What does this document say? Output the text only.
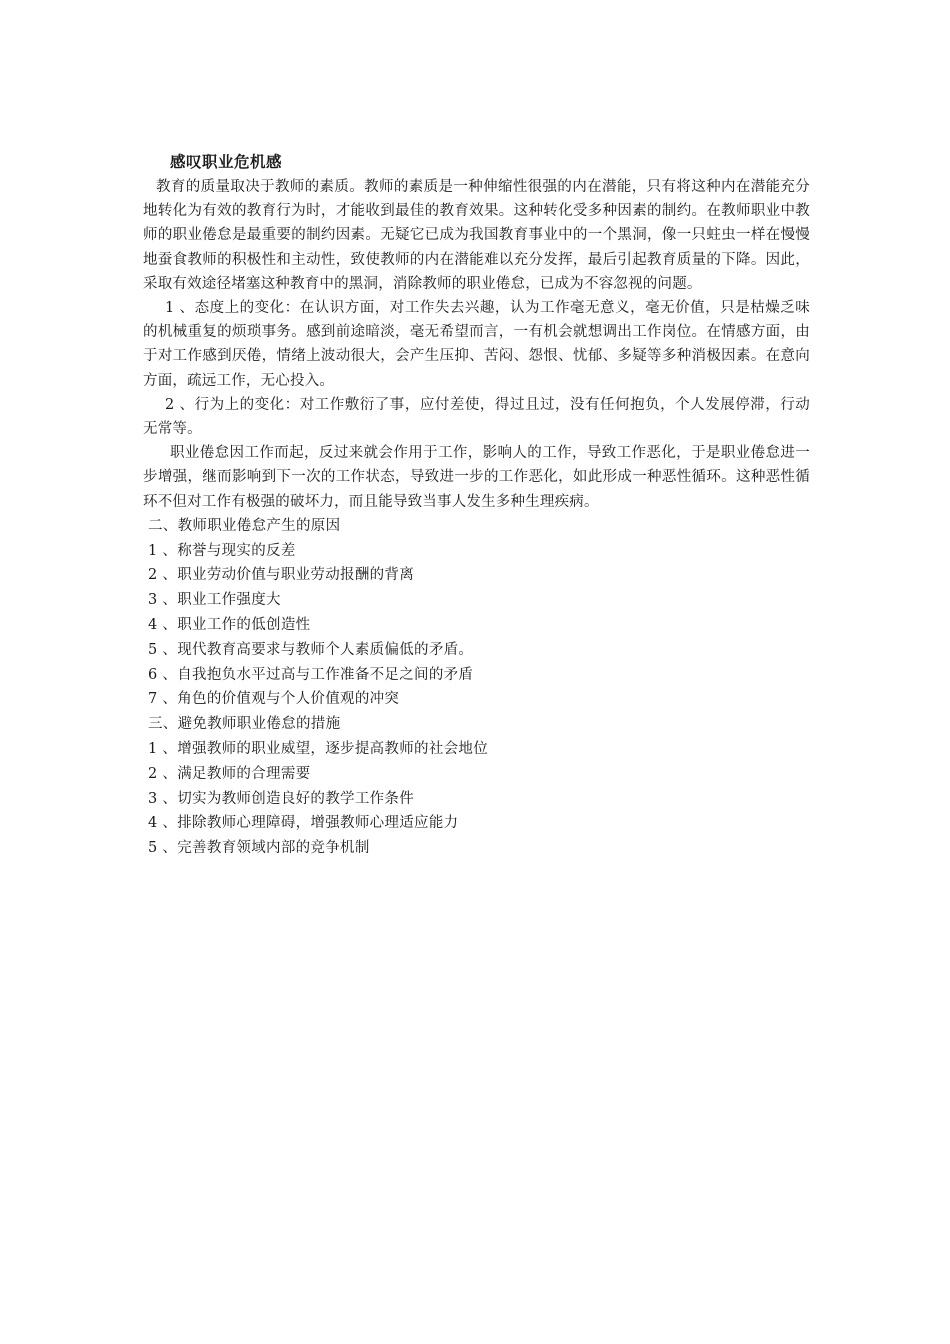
感叹职业危机感

教育的质量取决于教师的素质。教师的素质是一种伸缩性很强的内在潜能，只有将这种内在潜能充分地转化为有效的教育行为时，才能收到最佳的教育效果。这种转化受多种因素的制约。在教师职业中教师的职业倦怠是最重要的制约因素。无疑它已成为我国教育事业中的一个黑洞，像一只蛀虫一样在慢慢地蚕食教师的积极性和主动性，致使教师的内在潜能难以充分发挥，最后引起教育质量的下降。因此，采取有效途径堵塞这种教育中的黑洞，消除教师的职业倦怠，已成为不容忽视的问题。

1 、态度上的变化：在认识方面，对工作失去兴趣，认为工作毫无意义，毫无价值，只是枯燥乏味的机械重复的烦琐事务。感到前途暗淡，毫无希望而言，一有机会就想调出工作岗位。在情感方面，由于对工作感到厌倦，情绪上波动很大，会产生压抑、苦闷、怨恨、忧郁、多疑等多种消极因素。在意向方面，疏远工作，无心投入。

2 、行为上的变化：对工作敷衍了事，应付差使，得过且过，没有任何抱负，个人发展停滞，行动无常等。

职业倦怠因工作而起，反过来就会作用于工作，影响人的工作，导致工作恶化，于是职业倦怠进一步增强，继而影响到下一次的工作状态，导致进一步的工作恶化，如此形成一种恶性循环。这种恶性循环不但对工作有极强的破坏力，而且能导致当事人发生多种生理疾病。

二、教师职业倦怠产生的原因

1 、称誉与现实的反差
2 、职业劳动价值与职业劳动报酬的背离
3 、职业工作强度大
4 、职业工作的低创造性
5 、现代教育高要求与教师个人素质偏低的矛盾。
6 、自我抱负水平过高与工作准备不足之间的矛盾
7 、角色的价值观与个人价值观的冲突

三、避免教师职业倦怠的措施

1 、增强教师的职业威望，逐步提高教师的社会地位
2 、满足教师的合理需要
3 、切实为教师创造良好的教学工作条件
4 、排除教师心理障碍，增强教师心理适应能力
5 、完善教育领域内部的竞争机制
